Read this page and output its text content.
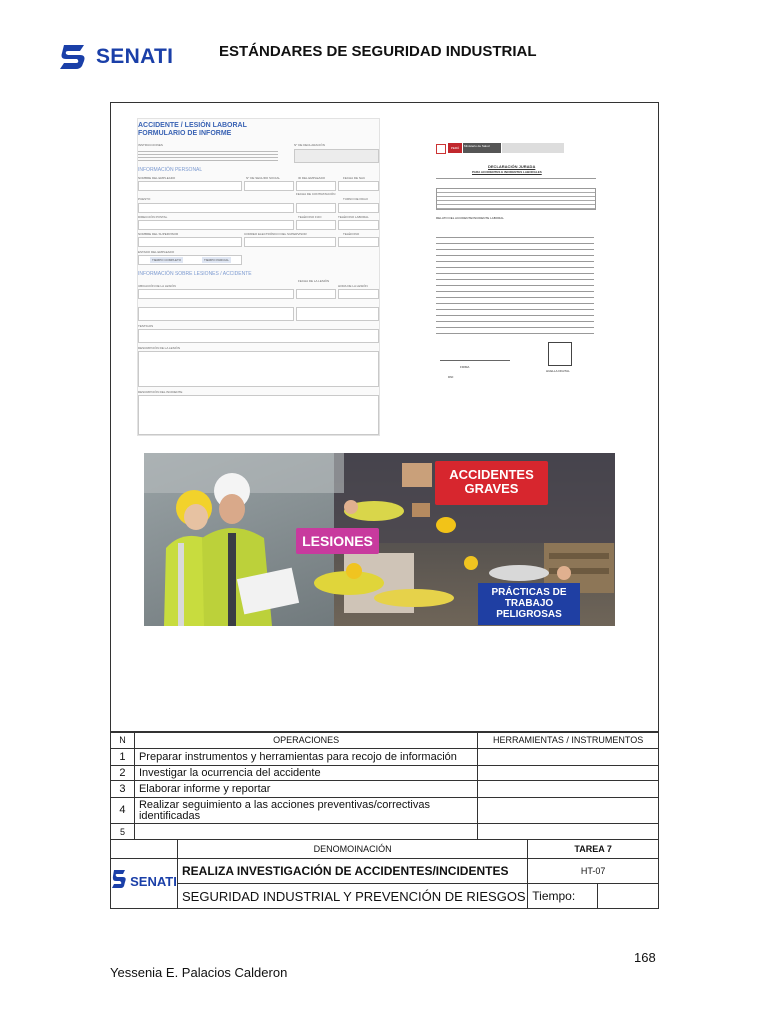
SENATI	ESTÁNDARES DE SEGURIDAD INDUSTRIAL
ACCIDENTE / LESIÓN LABORAL
FORMULARIO DE INFORME
INSTRUCCIONES	N° DE DECLARACIÓN
INFORMACIÓN PERSONAL
NOMBRE DEL EMPLEADO	N° DE SEGURO SOCIAL	ID DEL EMPLEADO	FECHA DE NAC
PUESTO
FECHA DE CONTRATACIÓN
TURNO DE PAGO
DIRECCIÓN POSTAL	TELÉFONO FIJO	TELÉFONO LABORAL
NOMBRE DEL SUPERVISOR	CORREO ELECTRÓNICO DEL SUPERVISOR	TELÉFONO
ESTADO DEL EMPLEADO
TIEMPO COMPLETO	TIEMPO PARCIAL
INFORMACIÓN SOBRE LESIONES / ACCIDENTE
UBICACIÓN DE LA LESIÓN
FECHA DE LA LESIÓN
HORA DE LA LESIÓN
TESTIGOS
DESCRIPCIÓN DE LA LESIÓN
DESCRIPCIÓN DEL INCIDENTE
PERÚ	Ministerio de Salud
DECLARACIÓN JURADA
PARA ACCIDENTES E INCIDENTES LABORALES
RELATO DEL ACCIDENTE/INCIDENTE LABORAL
FIRMA
DNI:
HUELLA DIGITAL
ACCIDENTES GRAVES
LESIONES
PRÁCTICAS DE TRABAJO PELIGROSAS
N	OPERACIONES	HERRAMIENTAS / INSTRUMENTOS
1	Preparar instrumentos y herramientas para recojo de información	
2	Investigar la ocurrencia del accidente	
3	Elaborar informe y reportar	
4	Realizar seguimiento a las acciones preventivas/correctivas identificadas	
5		
	DENOMOINACIÓN	TAREA 7	

SENATI	REALIZA INVESTIGACIÓN DE ACCIDENTES/INCIDENTES	HT-07	
	SEGURIDAD INDUSTRIAL Y PREVENCIÓN DE RIESGOS	Tiempo:	
168
Yessenia E. Palacios Calderon
